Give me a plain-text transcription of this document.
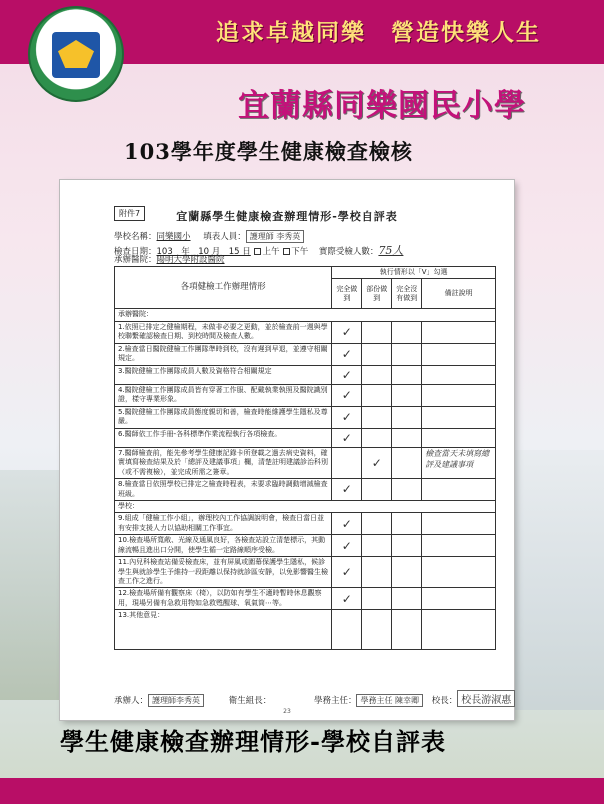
追求卓越同樂　營造快樂人生
宜蘭縣同樂國民小學
103學年度學生健康檢查檢核
附件7	宜蘭縣學生健康檢查辦理情形-學校自評表
學校名稱：同樂國小 填表人員： 護理師 李秀英
檢查日期：103　年　10 月　15 日 上午 下午 實際受檢人數：75人
承辦醫院：陽明大學附設醫院
各項健檢工作辦理情形	執行情形以「V」勾選			
	完全做到	部份做到	完全沒有做到	備註說明
承辦醫院：				
1.依照已排定之健檢期程，未做非必要之更動，並於檢查前一週與學校聯繫確認檢查日期、到校時間及檢查人數。	✓			
2.檢查當日醫院健檢工作團隊準時到校，沒有遲到早退，並遵守相關規定。	✓			
3.醫院健檢工作團隊成員人數及資格符合相關規定	✓			
4.醫院健檢工作團隊成員皆有穿著工作服、配戴執業執照及醫院識別證，樣守專業形象。	✓			
5.醫院健檢工作團隊成員態度親切和善，檢查時能維護學生隱私及尊嚴。	✓			
6.醫師依工作手冊-各科標準作業流程執行各項檢查。	✓			
7.醫師檢查前，能先參考學生健康記錄卡所登載之過去病史資料，確實填寫檢查結果及於「總評及建議事項」欄，清楚註明建議診治科別（或不需複檢），並完成所需之簽章。		✓		檢查當天未填寫總評及建議事項
8.檢查當日依照學校已排定之檢查時程表，未要求臨時調動增減檢查班級。	✓			
學校：				
9.組成「健檢工作小組」，辦理校內工作協調說明會，檢查日當日並有安排支援人力以協助相關工作事宜。	✓			
10.檢查場所寬敞、光線及通風良好，各檢查站設立清楚標示，其動線流暢且進出口分開，使學生循一定路線順序受檢。	✓			
11.內兒科檢查站備妥檢查床，並有屏風或圍幕保護學生隱私，候診學生與就診學生予維持一段距離以保持就診區安靜，以免影響醫生檢查工作之進行。	✓			
12.檢查場所備有觀察床（椅），以防如有學生不適時暫時休息觀察用，現場另備有急救用物如急救甦醒球、氧氣筒⋯等。	✓			
13.其他意見：				
承辦人： 護理師李秀英	衛生組長：	學務主任： 學務主任 陳幸卿 校長： 校長游淑惠
23
學生健康檢查辦理情形-學校自評表
